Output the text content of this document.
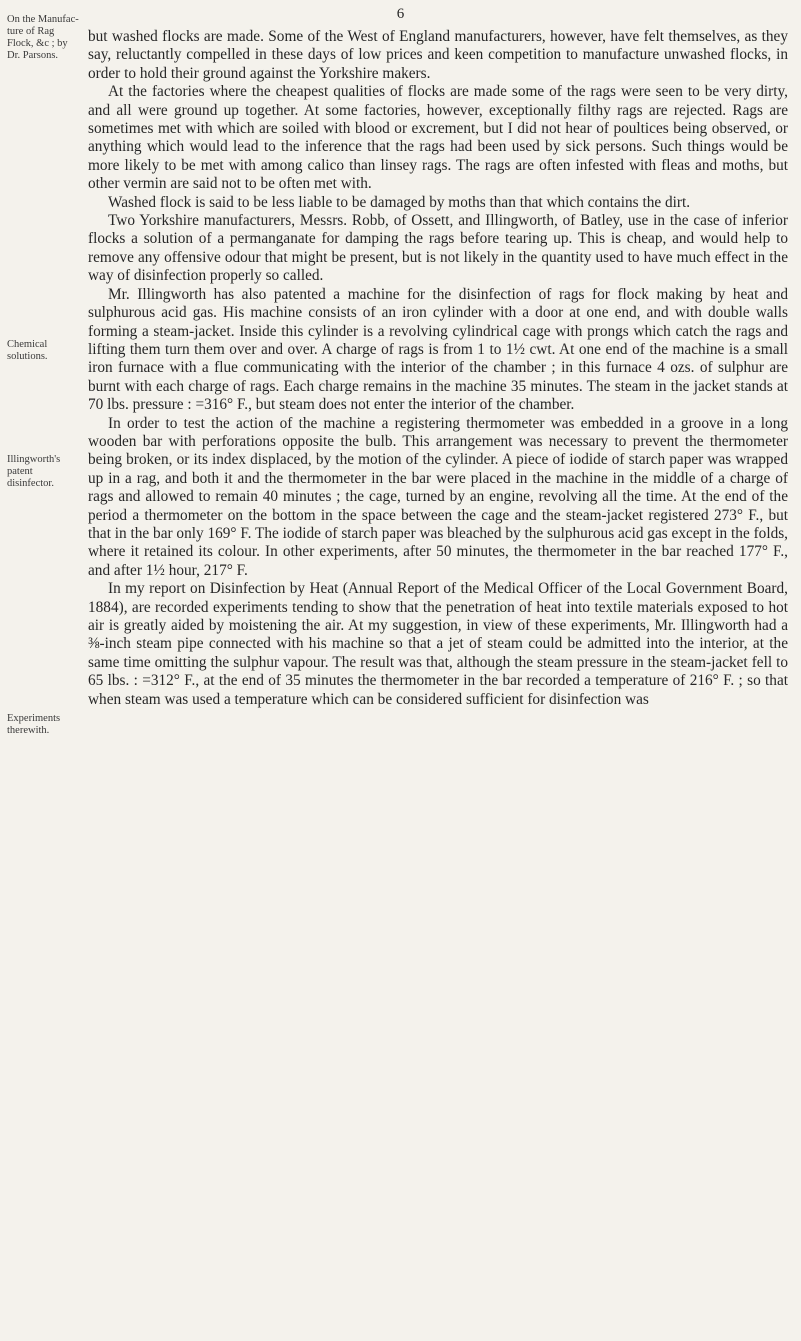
6
On the Manufac-
ture of Rag
Flock, &c ; by
Dr. Parsons.
Chemical
solutions.
Illingworth's
patent
disinfector.
Experiments
therewith.

but washed flocks are made. Some of the West of England manufacturers, however, have felt themselves, as they say, reluctantly compelled in these days of low prices and keen competition to manufacture unwashed flocks, in order to hold their ground against the Yorkshire makers.

At the factories where the cheapest qualities of flocks are made some of the rags were seen to be very dirty, and all were ground up together. At some factories, however, exceptionally filthy rags are rejected. Rags are sometimes met with which are soiled with blood or excrement, but I did not hear of poultices being observed, or anything which would lead to the inference that the rags had been used by sick persons. Such things would be more likely to be met with among calico than linsey rags. The rags are often infested with fleas and moths, but other vermin are said not to be often met with.

Washed flock is said to be less liable to be damaged by moths than that which contains the dirt.

Two Yorkshire manufacturers, Messrs. Robb, of Ossett, and Illingworth, of Batley, use in the case of inferior flocks a solution of a permanganate for damping the rags before tearing up. This is cheap, and would help to remove any offensive odour that might be present, but is not likely in the quantity used to have much effect in the way of disinfection properly so called.

Mr. Illingworth has also patented a machine for the disinfection of rags for flock making by heat and sulphurous acid gas. His machine consists of an iron cylinder with a door at one end, and with double walls forming a steam-jacket. Inside this cylinder is a revolving cylindrical cage with prongs which catch the rags and lifting them turn them over and over. A charge of rags is from 1 to 1½ cwt. At one end of the machine is a small iron furnace with a flue communicating with the interior of the chamber ; in this furnace 4 ozs. of sulphur are burnt with each charge of rags. Each charge remains in the machine 35 minutes. The steam in the jacket stands at 70 lbs. pressure : =316° F., but steam does not enter the interior of the chamber.

In order to test the action of the machine a registering thermometer was embedded in a groove in a long wooden bar with perforations opposite the bulb. This arrangement was necessary to prevent the thermometer being broken, or its index displaced, by the motion of the cylinder. A piece of iodide of starch paper was wrapped up in a rag, and both it and the thermometer in the bar were placed in the machine in the middle of a charge of rags and allowed to remain 40 minutes ; the cage, turned by an engine, revolving all the time. At the end of the period a thermometer on the bottom in the space between the cage and the steam-jacket registered 273° F., but that in the bar only 169° F. The iodide of starch paper was bleached by the sulphurous acid gas except in the folds, where it retained its colour. In other experiments, after 50 minutes, the thermometer in the bar reached 177° F., and after 1½ hour, 217° F.

In my report on Disinfection by Heat (Annual Report of the Medical Officer of the Local Government Board, 1884), are recorded experiments tending to show that the penetration of heat into textile materials exposed to hot air is greatly aided by moistening the air. At my suggestion, in view of these experiments, Mr. Illingworth had a ⅜-inch steam pipe connected with his machine so that a jet of steam could be admitted into the interior, at the same time omitting the sulphur vapour. The result was that, although the steam pressure in the steam-jacket fell to 65 lbs. : =312° F., at the end of 35 minutes the thermometer in the bar recorded a temperature of 216° F. ; so that when steam was used a temperature which can be considered sufficient for disinfection was
